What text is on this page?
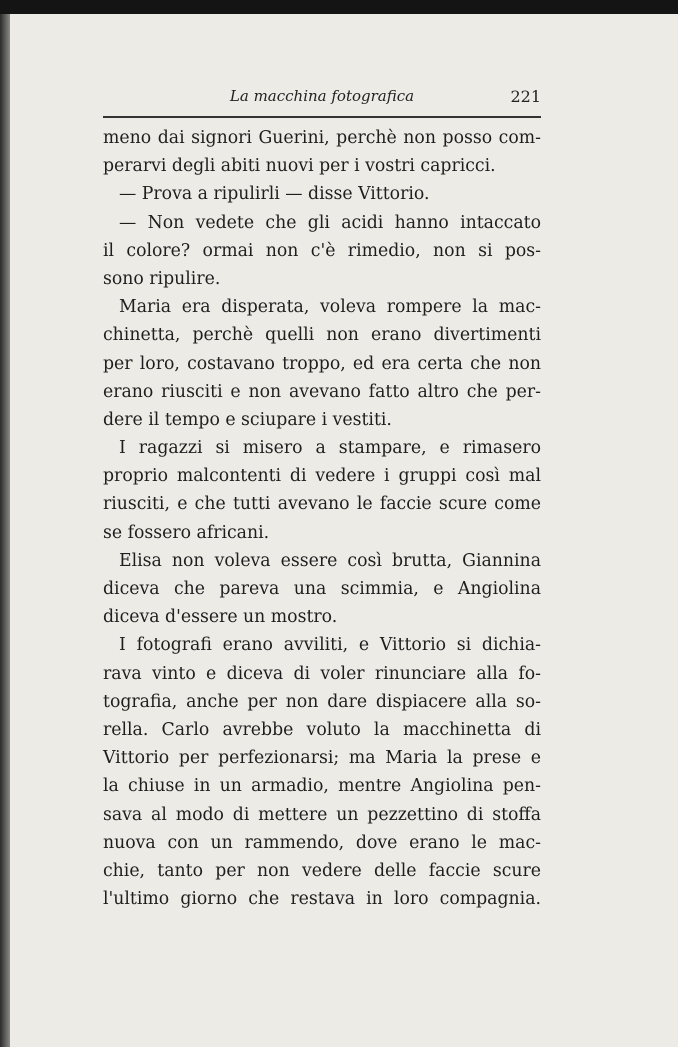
La macchina fotografica	221
meno dai signori Guerini, perchè non posso com-
perarvi degli abiti nuovi per i vostri capricci.
— Prova a ripulirli — disse Vittorio.
— Non vedete che gli acidi hanno intaccato
il colore? ormai non c'è rimedio, non si pos-
sono ripulire.
Maria era disperata, voleva rompere la mac-
chinetta, perchè quelli non erano divertimenti
per loro, costavano troppo, ed era certa che non
erano riusciti e non avevano fatto altro che per-
dere il tempo e sciupare i vestiti.
I ragazzi si misero a stampare, e rimasero
proprio malcontenti di vedere i gruppi così mal
riusciti, e che tutti avevano le faccie scure come
se fossero africani.
Elisa non voleva essere così brutta, Giannina
diceva che pareva una scimmia, e Angiolina
diceva d'essere un mostro.
I fotografi erano avviliti, e Vittorio si dichia-
rava vinto e diceva di voler rinunciare alla fo-
tografia, anche per non dare dispiacere alla so-
rella. Carlo avrebbe voluto la macchinetta di
Vittorio per perfezionarsi; ma Maria la prese e
la chiuse in un armadio, mentre Angiolina pen-
sava al modo di mettere un pezzettino di stoffa
nuova con un rammendo, dove erano le mac-
chie, tanto per non vedere delle faccie scure
l'ultimo giorno che restava in loro compagnia.
